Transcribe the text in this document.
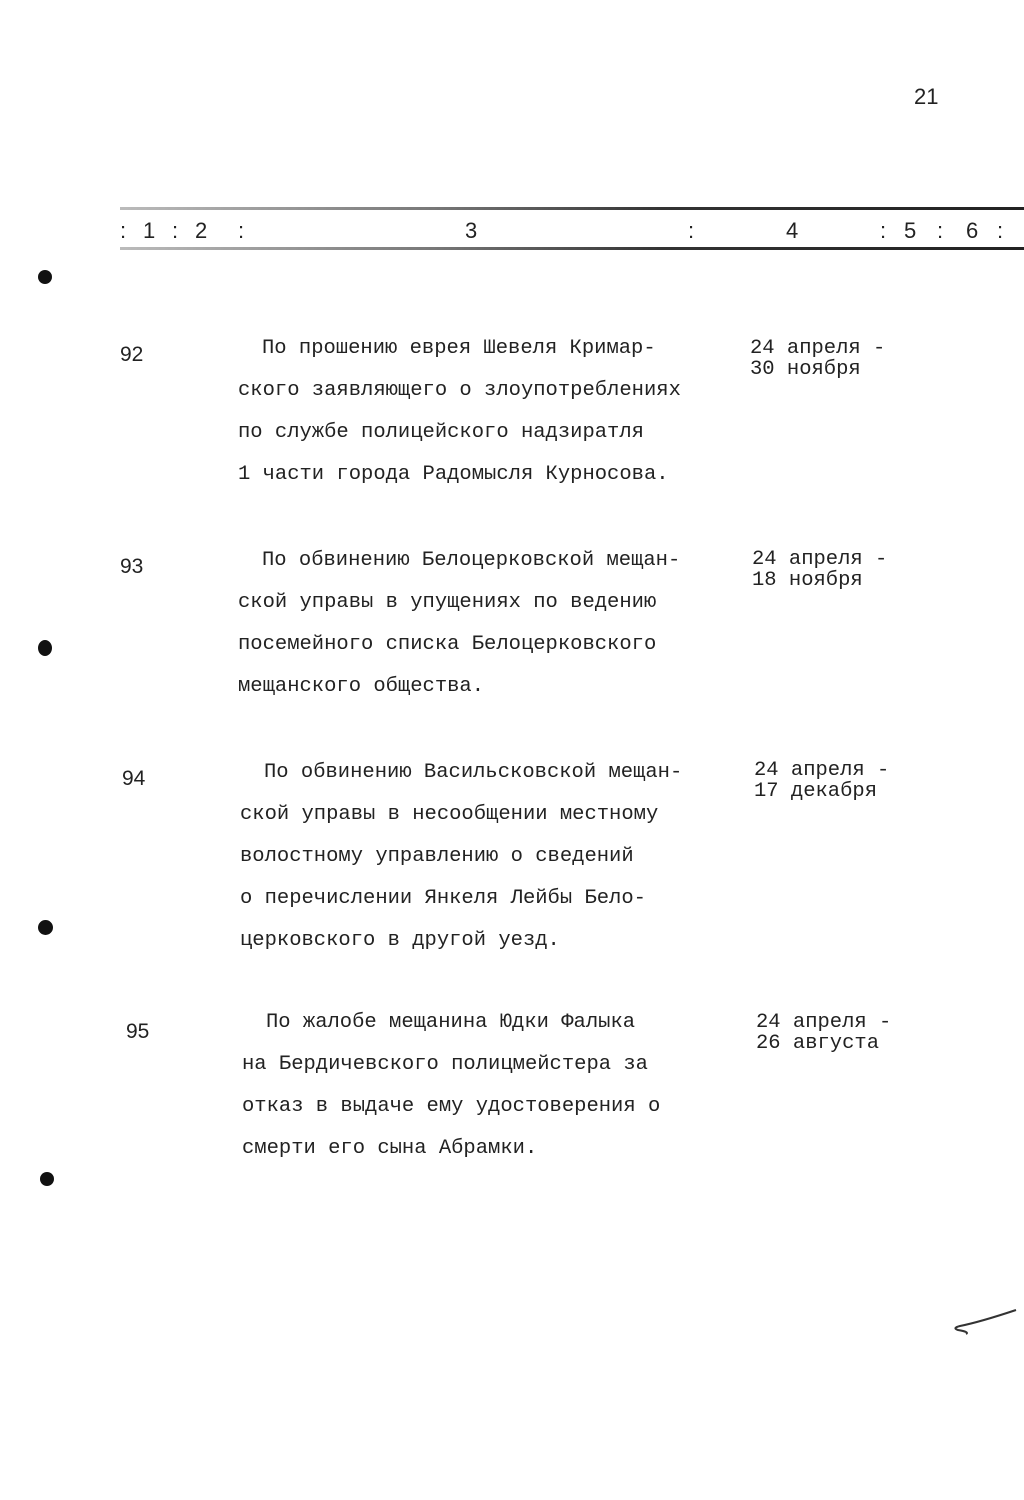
21
: 1 : 2 :	3	:	4	: 5 : 6 :
92	По прошению еврея Шевеля Кримар-
ского заявляющего о злоупотреблениях
по службе полицейского надзиратля
1 части города Радомысля Курносова.
24 апреля -
30 ноября
93	По обвинению Белоцерковской мещан-
ской управы в упущениях по ведению
посемейного списка Белоцерковского
мещанского общества.
24 апреля -
18 ноября
94	По обвинению Васильсковской мещан-
ской управы в несообщении местному
волостному управлению о сведений
о перечислении Янкеля Лейбы Бело-
церковского в другой уезд.
24 апреля -
17 декабря
95	По жалобе мещанина Юдки Фалыка
на Бердичевского полицмейстера за
отказ в выдаче ему удостоверения о
смерти его сына Абрамки.
24 апреля -
26 августа
